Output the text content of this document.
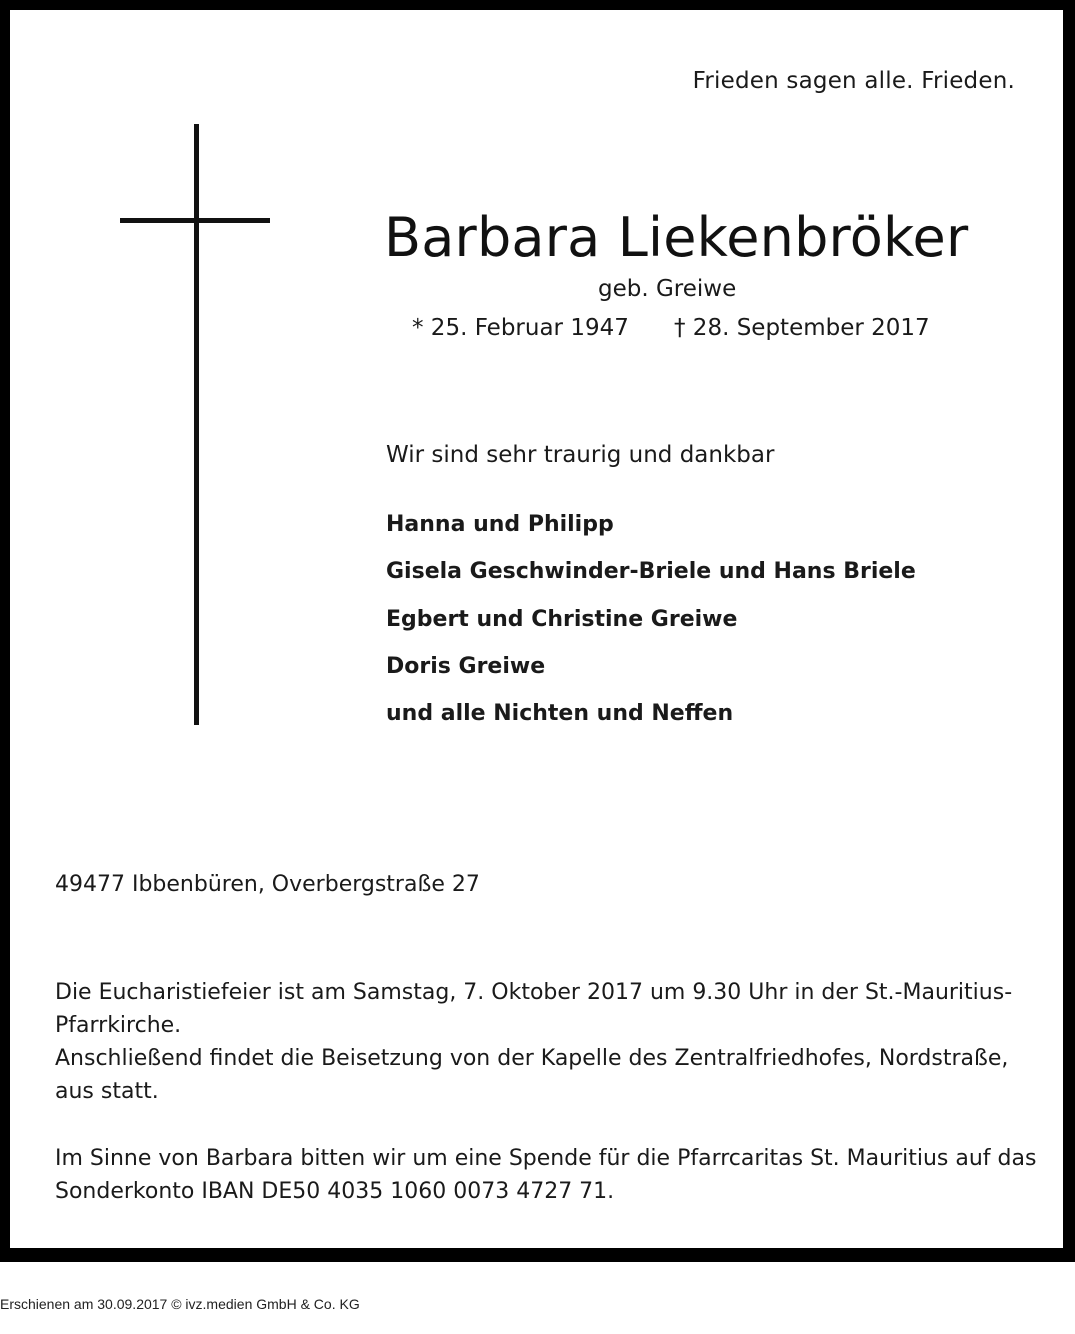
Frieden sagen alle. Frieden.
Barbara Liekenbröker
geb. Greiwe
* 25. Februar 1947 † 28. September 2017
Wir sind sehr traurig und dankbar
Hanna und Philipp
Gisela Geschwinder-Briele und Hans Briele
Egbert und Christine Greiwe
Doris Greiwe
und alle Nichten und Neffen
49477 Ibbenbüren, Overbergstraße 27

Die Eucharistiefeier ist am Samstag, 7. Oktober 2017 um 9.30 Uhr in der St.-Mauritius-
Pfarrkirche.
Anschließend findet die Beisetzung von der Kapelle des Zentralfriedhofes, Nordstraße,
aus statt.

Im Sinne von Barbara bitten wir um eine Spende für die Pfarrcaritas St. Mauritius auf das
Sonderkonto IBAN DE50 4035 1060 0073 4727 71.

Erschienen am 30.09.2017 © ivz.medien GmbH & Co. KG
